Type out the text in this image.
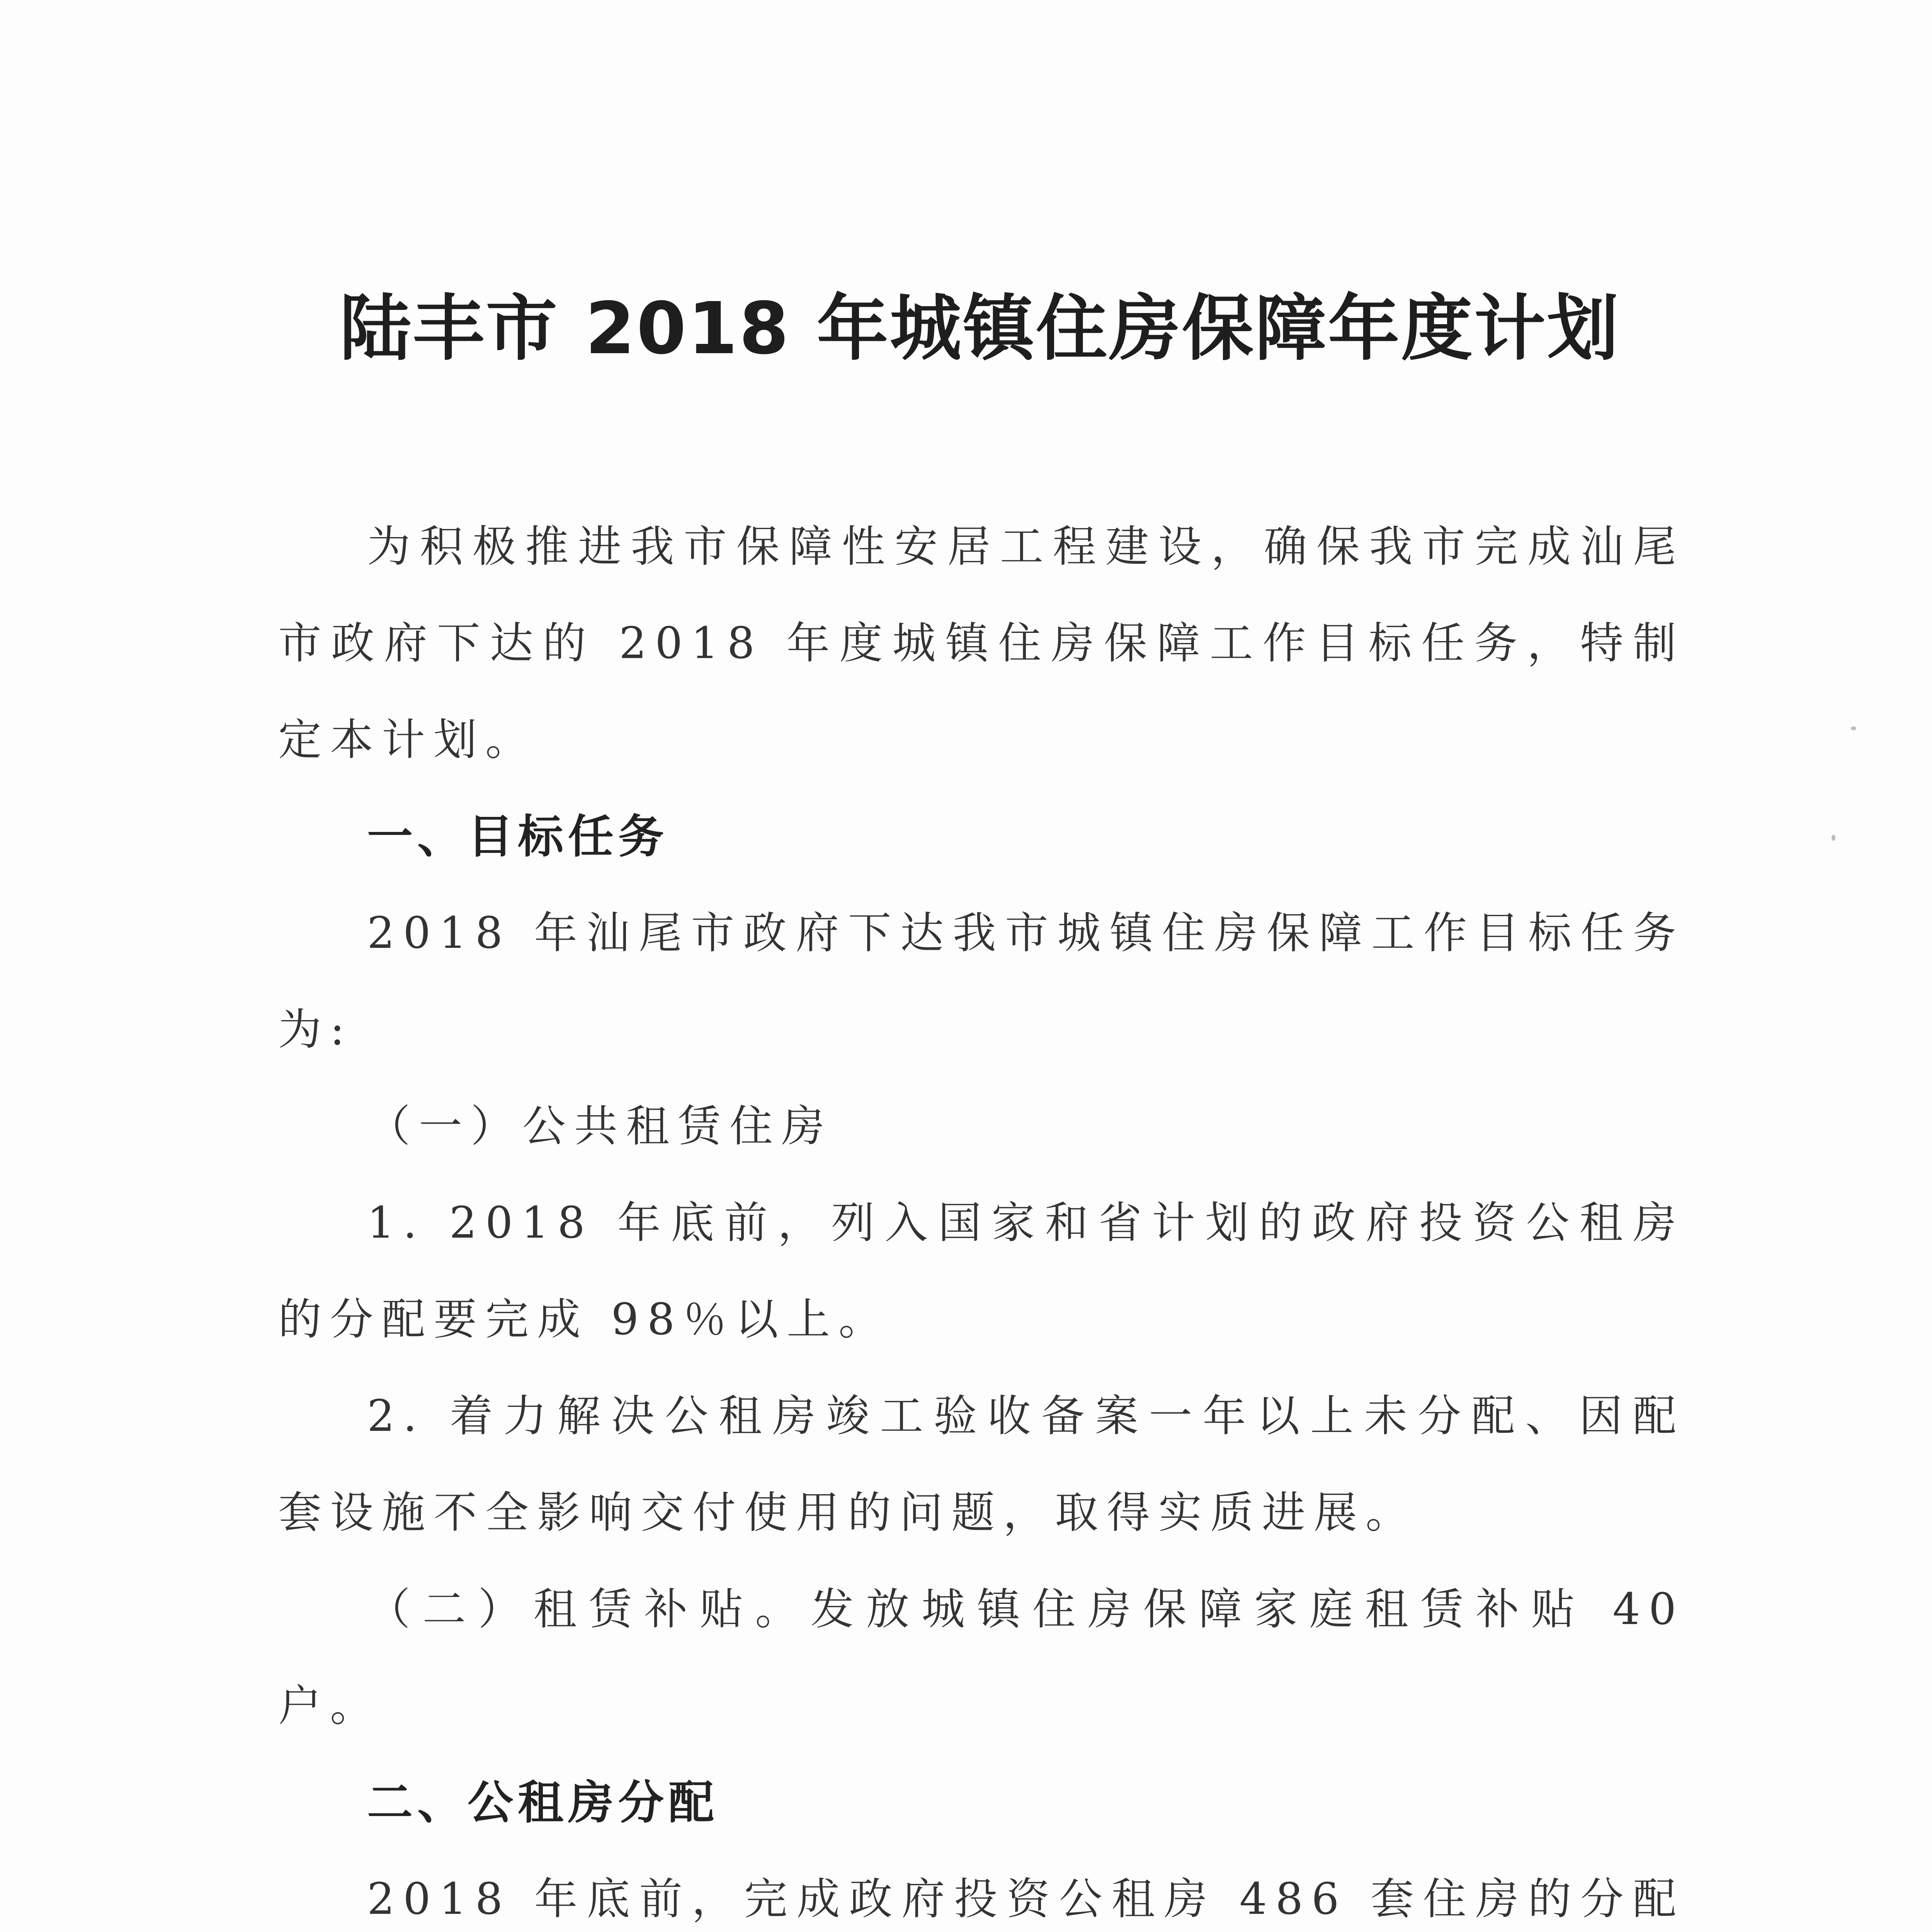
陆丰市 2018 年城镇住房保障年度计划

为积极推进我市保障性安居工程建设，确保我市完成汕尾市政府下达的 2018 年度城镇住房保障工作目标任务，特制定本计划。

一、目标任务

2018 年汕尾市政府下达我市城镇住房保障工作目标任务为:

（一）公共租赁住房

1. 2018 年底前，列入国家和省计划的政府投资公租房的分配要完成 98％以上。

2. 着力解决公租房竣工验收备案一年以上未分配、因配套设施不全影响交付使用的问题，取得实质进展。

（二）租赁补贴。发放城镇住房保障家庭租赁补贴 40 户。

二、公租房分配

2018 年底前，完成政府投资公租房 486 套住房的分配
